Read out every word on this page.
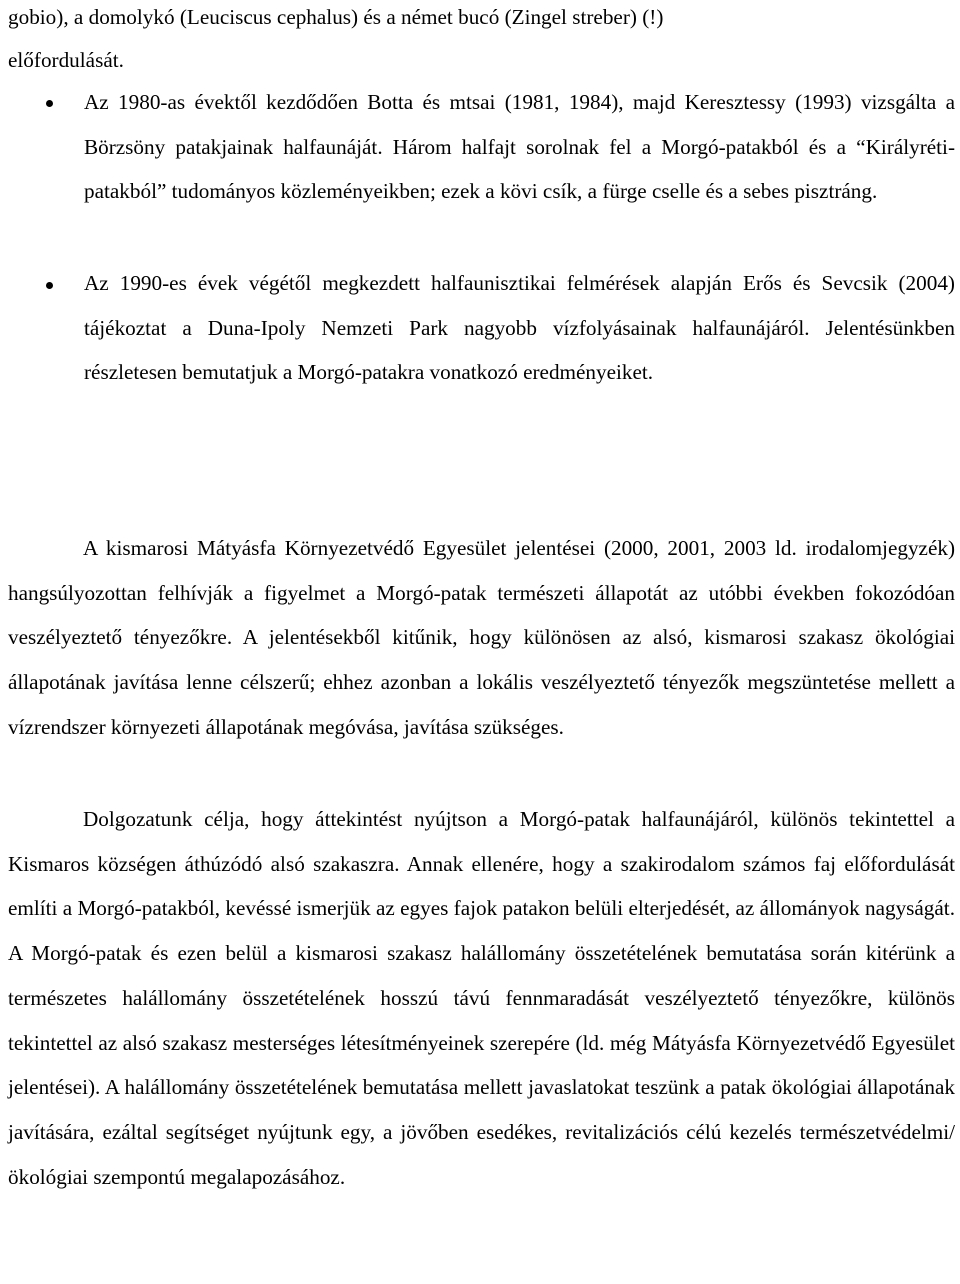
gobio), a domolykó (Leuciscus cephalus) és a német bucó (Zingel streber) (!)
előfordulását.
Az 1980-as évektől kezdődően Botta és mtsai (1981, 1984), majd Keresztessy (1993) vizsgálta a Börzsöny patakjainak halfaunáját. Három halfajt sorolnak fel a Morgó-patakból és a “Királyréti-patakból” tudományos közleményeikben; ezek a kövi csík, a fürge cselle és a sebes pisztráng.
Az 1990-es évek végétől megkezdett halfaunisztikai felmérések alapján Erős és Sevcsik (2004) tájékoztat a Duna-Ipoly Nemzeti Park nagyobb vízfolyásainak halfaunájáról. Jelentésünkben részletesen bemutatjuk a Morgó-patakra vonatkozó eredményeiket.
A kismarosi Mátyásfa Környezetvédő Egyesület jelentései (2000, 2001, 2003 ld. irodalomjegyzék) hangsúlyozottan felhívják a figyelmet a Morgó-patak természeti állapotát az utóbbi években fokozódóan veszélyeztető tényezőkre. A jelentésekből kitűnik, hogy különösen az alsó, kismarosi szakasz ökológiai állapotának javítása lenne célszerű; ehhez azonban a lokális veszélyeztető tényezők megszüntetése mellett a vízrendszer környezeti állapotának megóvása, javítása szükséges.
Dolgozatunk célja, hogy áttekintést nyújtson a Morgó-patak halfaunájáról, különös tekintettel a Kismaros községen áthúzódó alsó szakaszra. Annak ellenére, hogy a szakirodalom számos faj előfordulását említi a Morgó-patakból, kevéssé ismerjük az egyes fajok patakon belüli elterjedését, az állományok nagyságát. A Morgó-patak és ezen belül a kismarosi szakasz halállomány összetételének bemutatása során kitérünk a természetes halállomány összetételének hosszú távú fennmaradását veszélyeztető tényezőkre, különös tekintettel az alsó szakasz mesterséges létesítményeinek szerepére (ld. még Mátyásfa Környezetvédő Egyesület jelentései). A halállomány összetételének bemutatása mellett javaslatokat teszünk a patak ökológiai állapotának javítására, ezáltal segítséget nyújtunk egy, a jövőben esedékes, revitalizációs célú kezelés természetvédelmi/ökológiai szempontú megalapozásához.
